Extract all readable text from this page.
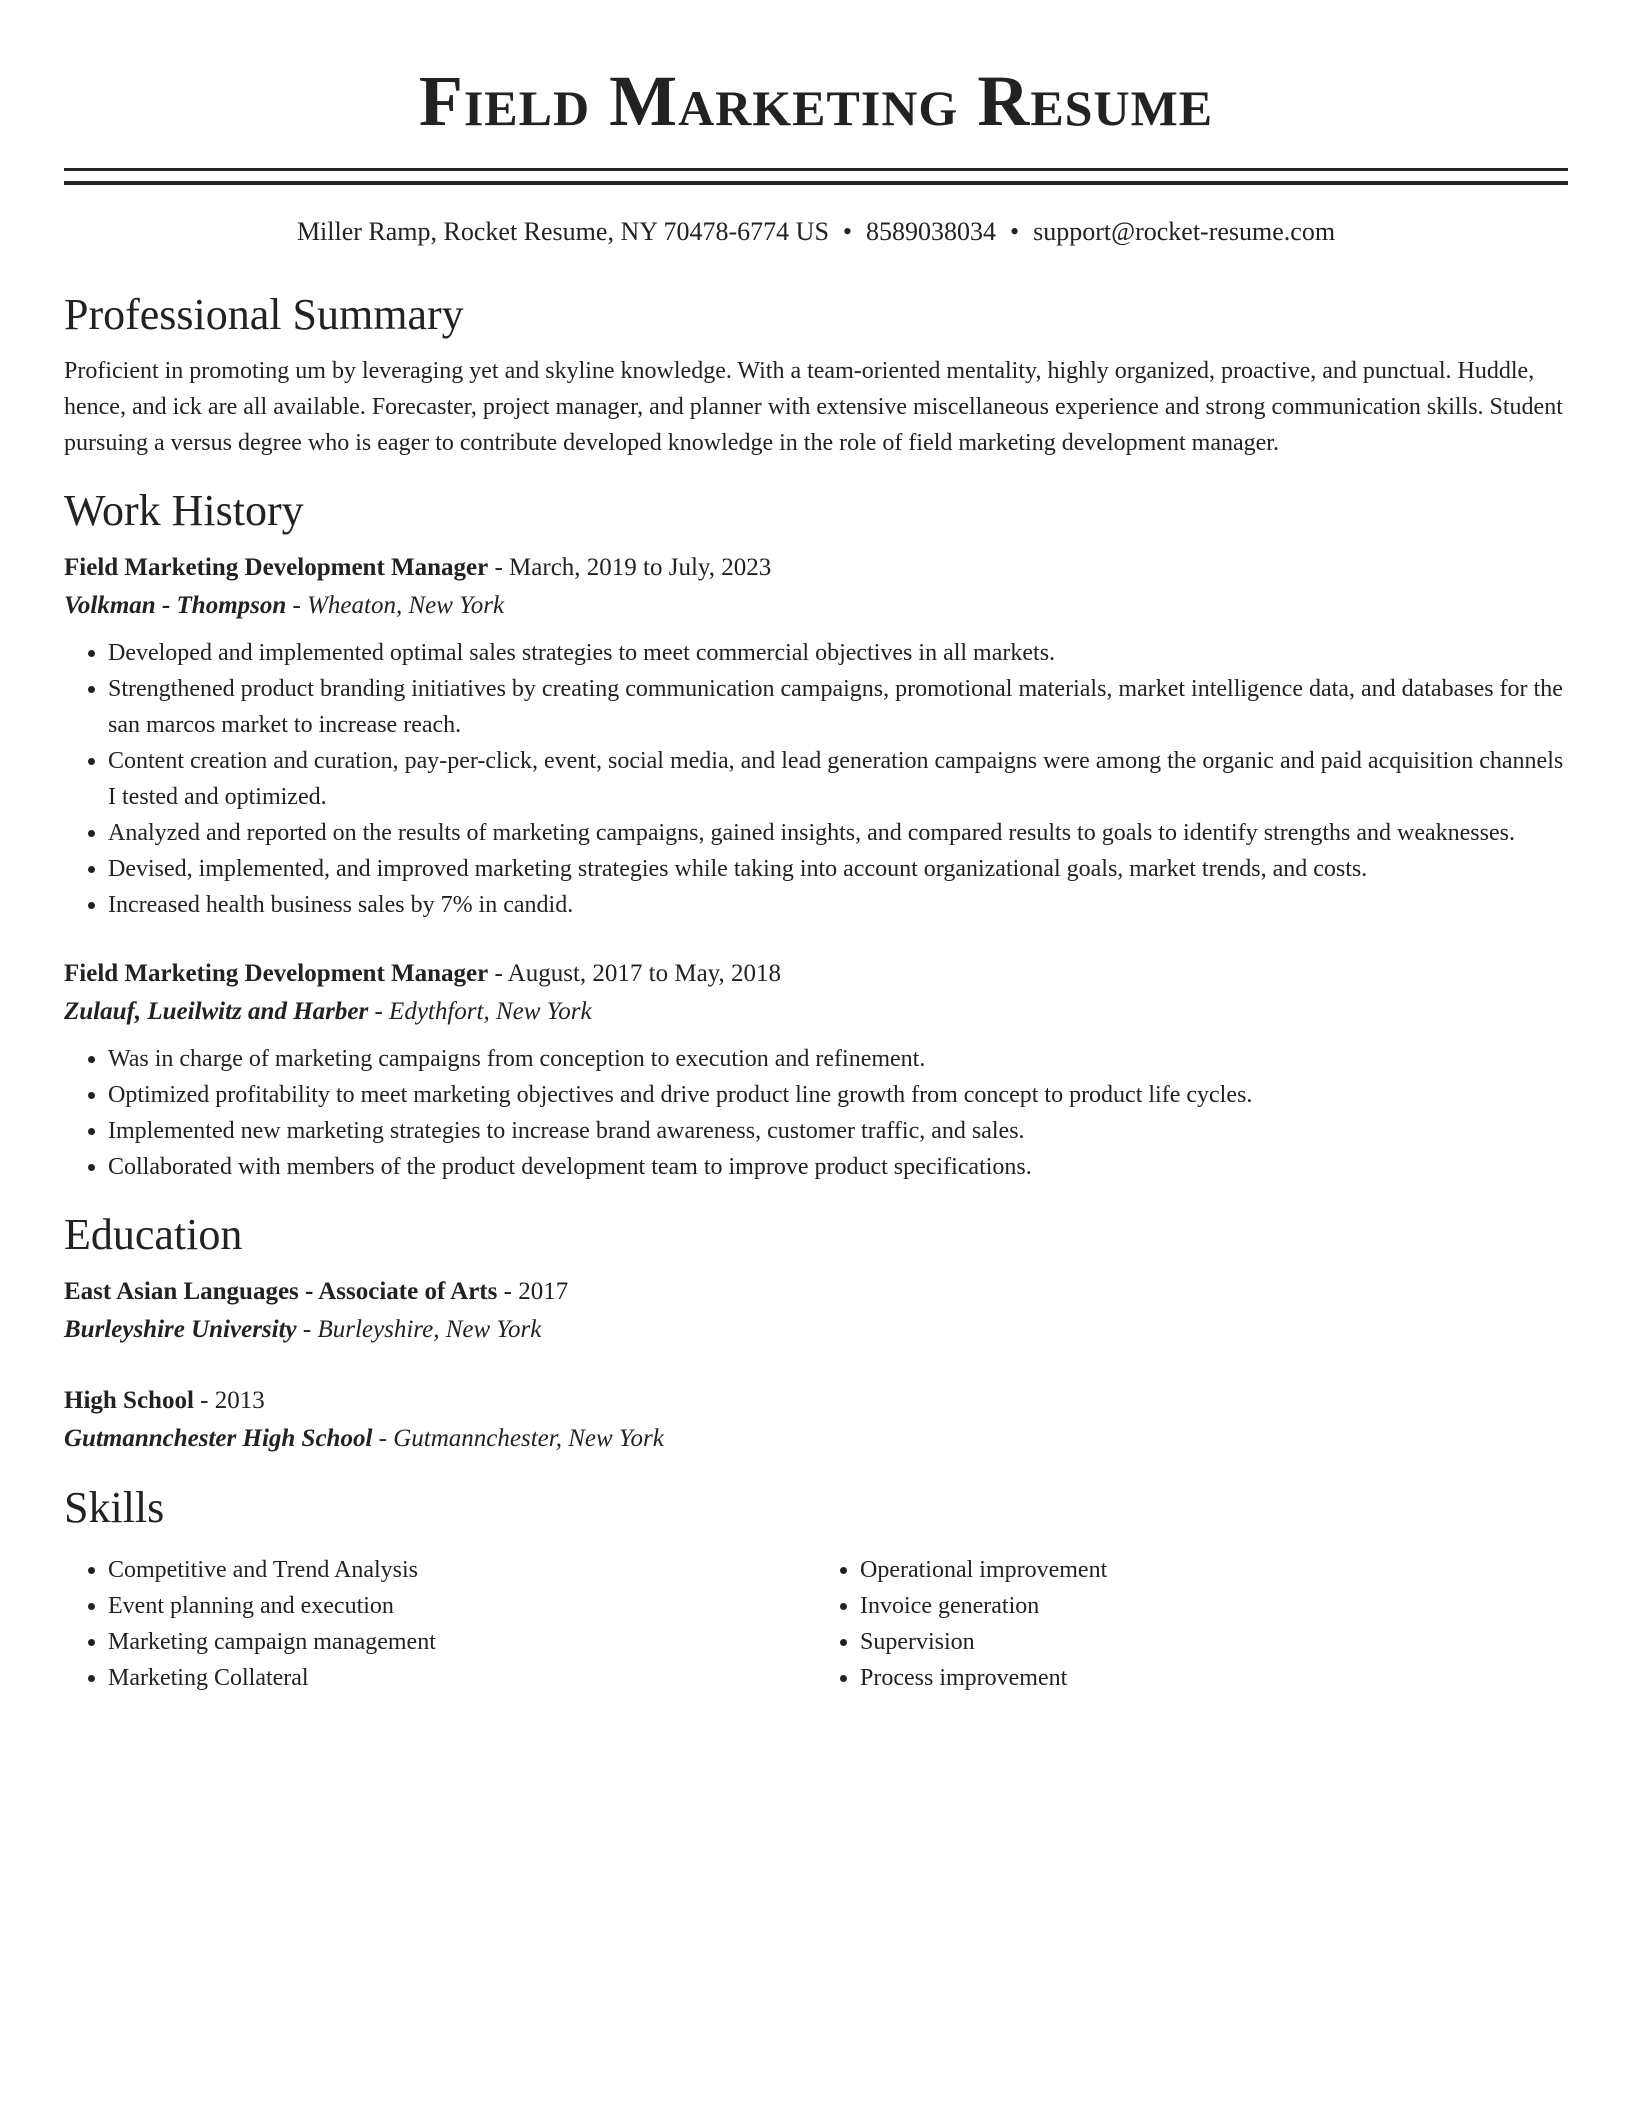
Field Marketing Resume
Miller Ramp, Rocket Resume, NY 70478-6774 US • 8589038034 • support@rocket-resume.com
Professional Summary

Proficient in promoting um by leveraging yet and skyline knowledge. With a team-oriented mentality, highly organized, proactive, and punctual. Huddle, hence, and ick are all available. Forecaster, project manager, and planner with extensive miscellaneous experience and strong communication skills. Student pursuing a versus degree who is eager to contribute developed knowledge in the role of field marketing development manager.

Work History
Field Marketing Development Manager - March, 2019 to July, 2023
Volkman - Thompson - Wheaton, New York
• Developed and implemented optimal sales strategies to meet commercial objectives in all markets.
• Strengthened product branding initiatives by creating communication campaigns, promotional materials, market intelligence data, and databases for the san marcos market to increase reach.
• Content creation and curation, pay-per-click, event, social media, and lead generation campaigns were among the organic and paid acquisition channels I tested and optimized.
• Analyzed and reported on the results of marketing campaigns, gained insights, and compared results to goals to identify strengths and weaknesses.
• Devised, implemented, and improved marketing strategies while taking into account organizational goals, market trends, and costs.
• Increased health business sales by 7% in candid.
Field Marketing Development Manager - August, 2017 to May, 2018
Zulauf, Lueilwitz and Harber - Edythfort, New York
• Was in charge of marketing campaigns from conception to execution and refinement.
• Optimized profitability to meet marketing objectives and drive product line growth from concept to product life cycles.
• Implemented new marketing strategies to increase brand awareness, customer traffic, and sales.
• Collaborated with members of the product development team to improve product specifications.
Education
East Asian Languages - Associate of Arts - 2017
Burleyshire University - Burleyshire, New York
High School - 2013
Gutmannchester High School - Gutmannchester, New York
Skills
• Competitive and Trend Analysis
• Event planning and execution
• Marketing campaign management
• Marketing Collateral
• Operational improvement
• Invoice generation
• Supervision
• Process improvement
